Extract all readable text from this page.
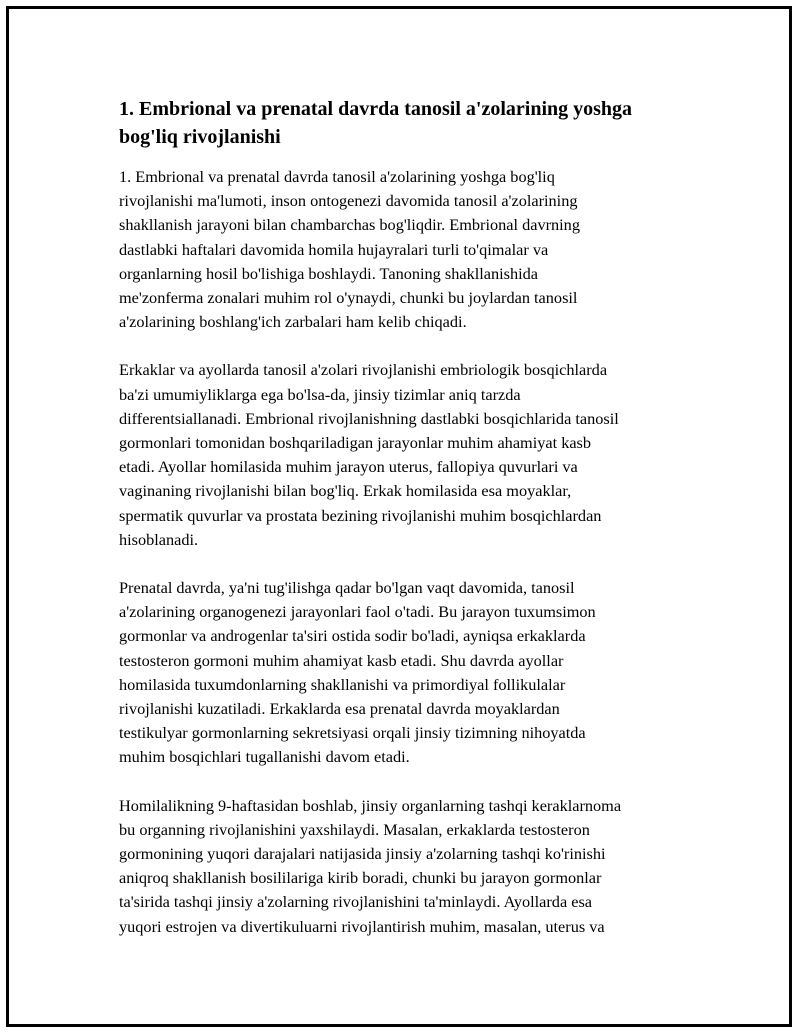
1. Embrional va prenatal davrda tanosil a'zolarining yoshga
bog'liq rivojlanishi
1. Embrional va prenatal davrda tanosil a'zolarining yoshga bog'liq
rivojlanishi ma'lumoti, inson ontogenezi davomida tanosil a'zolarining
shakllanish jarayoni bilan chambarchas bog'liqdir. Embrional davrning
dastlabki haftalari davomida homila hujayralari turli to'qimalar va
organlarning hosil bo'lishiga boshlaydi. Tanoning shakllanishida
me'zonferma zonalari muhim rol o'ynaydi, chunki bu joylardan tanosil
a'zolarining boshlang'ich zarbalari ham kelib chiqadi.
Erkaklar va ayollarda tanosil a'zolari rivojlanishi embriologik bosqichlarda
ba'zi umumiyliklarga ega bo'lsa-da, jinsiy tizimlar aniq tarzda
differentsiallanadi. Embrional rivojlanishning dastlabki bosqichlarida tanosil
gormonlari tomonidan boshqariladigan jarayonlar muhim ahamiyat kasb
etadi. Ayollar homilasida muhim jarayon uterus, fallopiya quvurlari va
vaginaning rivojlanishi bilan bog'liq. Erkak homilasida esa moyaklar,
spermatik quvurlar va prostata bezining rivojlanishi muhim bosqichlardan
hisoblanadi.
Prenatal davrda, ya'ni tug'ilishga qadar bo'lgan vaqt davomida, tanosil
a'zolarining organogenezi jarayonlari faol o'tadi. Bu jarayon tuxumsimon
gormonlar va androgenlar ta'siri ostida sodir bo'ladi, ayniqsa erkaklarda
testosteron gormoni muhim ahamiyat kasb etadi. Shu davrda ayollar
homilasida tuxumdonlarning shakllanishi va primordiyal follikulalar
rivojlanishi kuzatiladi. Erkaklarda esa prenatal davrda moyaklardan
testikulyar gormonlarning sekretsiyasi orqali jinsiy tizimning nihoyatda
muhim bosqichlari tugallanishi davom etadi.
Homilalikning 9-haftasidan boshlab, jinsiy organlarning tashqi keraklarnoma
bu organning rivojlanishini yaxshilaydi. Masalan, erkaklarda testosteron
gormonining yuqori darajalari natijasida jinsiy a'zolarning tashqi ko'rinishi
aniqroq shakllanish bosililariga kirib boradi, chunki bu jarayon gormonlar
ta'sirida tashqi jinsiy a'zolarning rivojlanishini ta'minlaydi. Ayollarda esa
yuqori estrojen va divertikuluarni rivojlantirish muhim, masalan, uterus va
